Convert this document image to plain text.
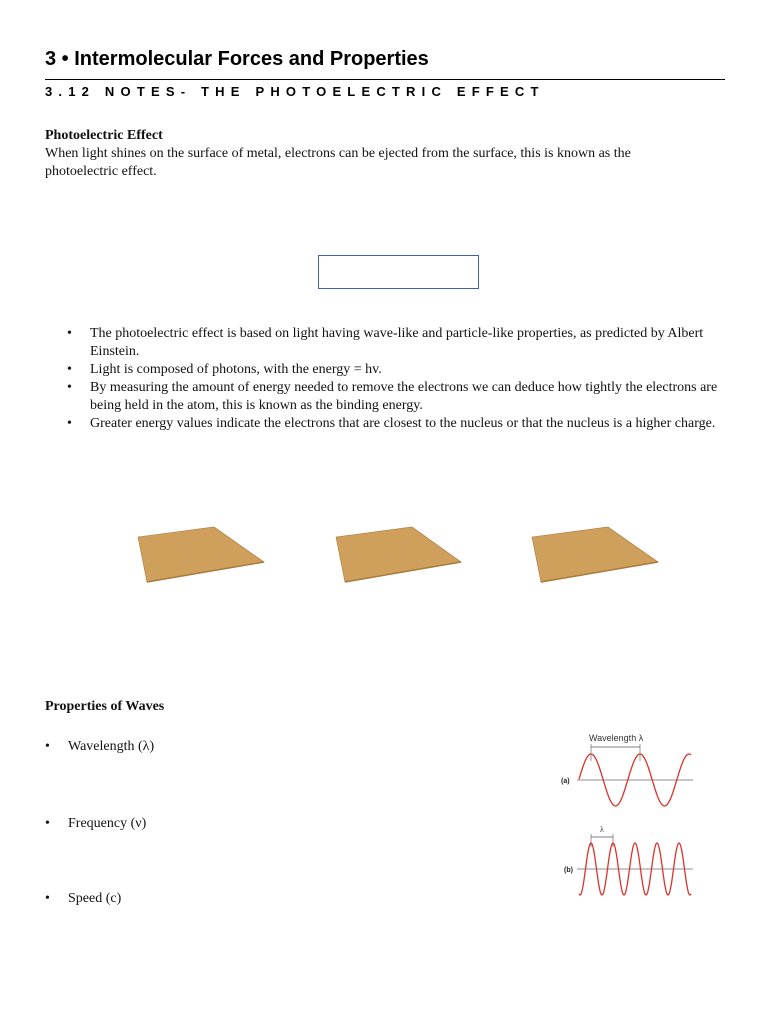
3 • Intermolecular Forces and Properties
3.12 NOTES- THE PHOTOELECTRIC EFFECT

Photoelectric Effect

When light shines on the surface of metal, electrons can be ejected from the surface, this is known as the photoelectric effect.

• The photoelectric effect is based on light having wave-like and particle-like properties, as predicted by Albert Einstein.
• Light is composed of photons, with the energy = hv.
• By measuring the amount of energy needed to remove the electrons we can deduce how tightly the electrons are being held in the atom, this is known as the binding energy.
• Greater energy values indicate the electrons that are closest to the nucleus or that the nucleus is a higher charge.

Properties of Waves

• Wavelength (λ)
• Frequency (ν)
• Speed (c)
Wavelength λ
(a)
λ
(b)
